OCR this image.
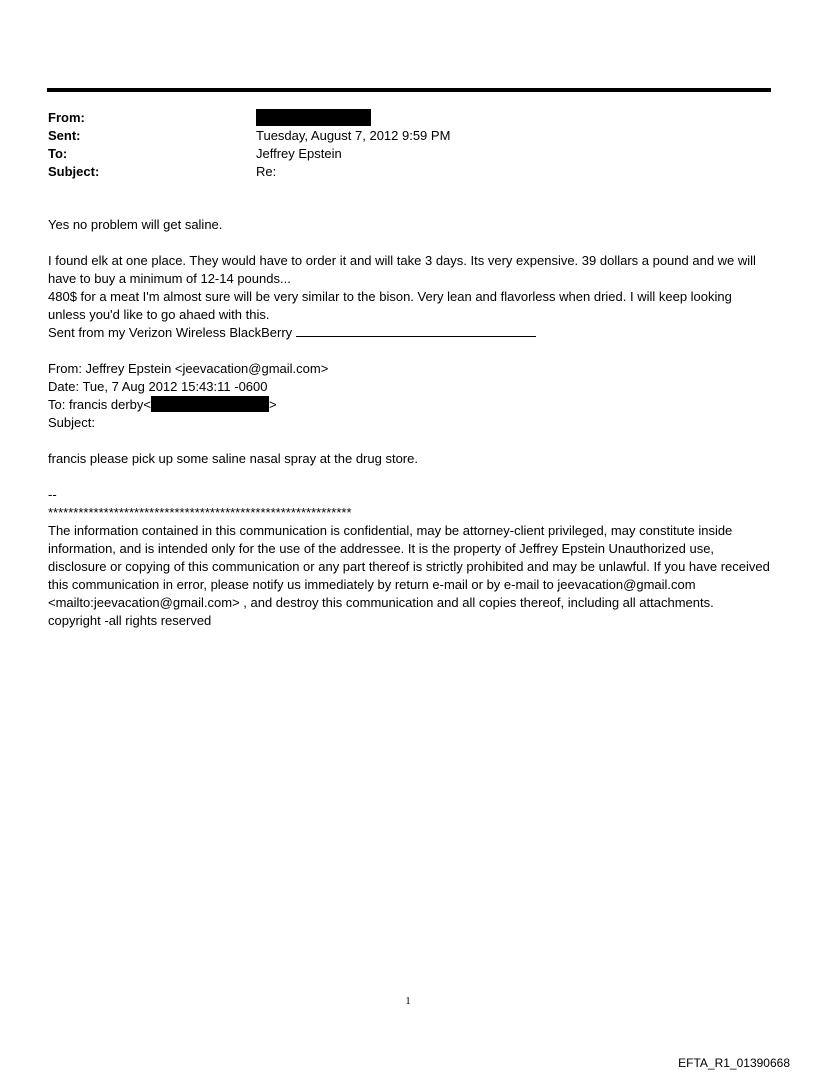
From:
Sent:	Tuesday, August 7, 2012 9:59 PM
To:	Jeffrey Epstein
Subject:	Re:

Yes no problem will get saline.

I found elk at one place. They would have to order it and will take 3 days. Its very expensive. 39 dollars a pound and we will have to buy a minimum of 12-14 pounds...

480$ for a meat I'm almost sure will be very similar to the bison. Very lean and flavorless when dried. I will keep looking unless you'd like to go ahaed with this.

Sent from my Verizon Wireless BlackBerry

From: Jeffrey Epstein <jeevacation@gmail.com>

Date: Tue, 7 Aug 2012 15:43:11 -0600

To: francis derby<	>

Subject:

francis please pick up some saline nasal spray at the drug store.

--

************************************************************

The information contained in this communication is confidential, may be attorney-client privileged, may constitute inside information, and is intended only for the use of the addressee. It is the property of Jeffrey Epstein Unauthorized use, disclosure or copying of this communication or any part thereof is strictly prohibited and may be unlawful. If you have received this communication in error, please notify us immediately by return e-mail or by e-mail to jeevacation@gmail.com <mailto:jeevacation@gmail.com> , and destroy this communication and all copies thereof, including all attachments. copyright -all rights reserved

1
EFTA_R1_01390668
